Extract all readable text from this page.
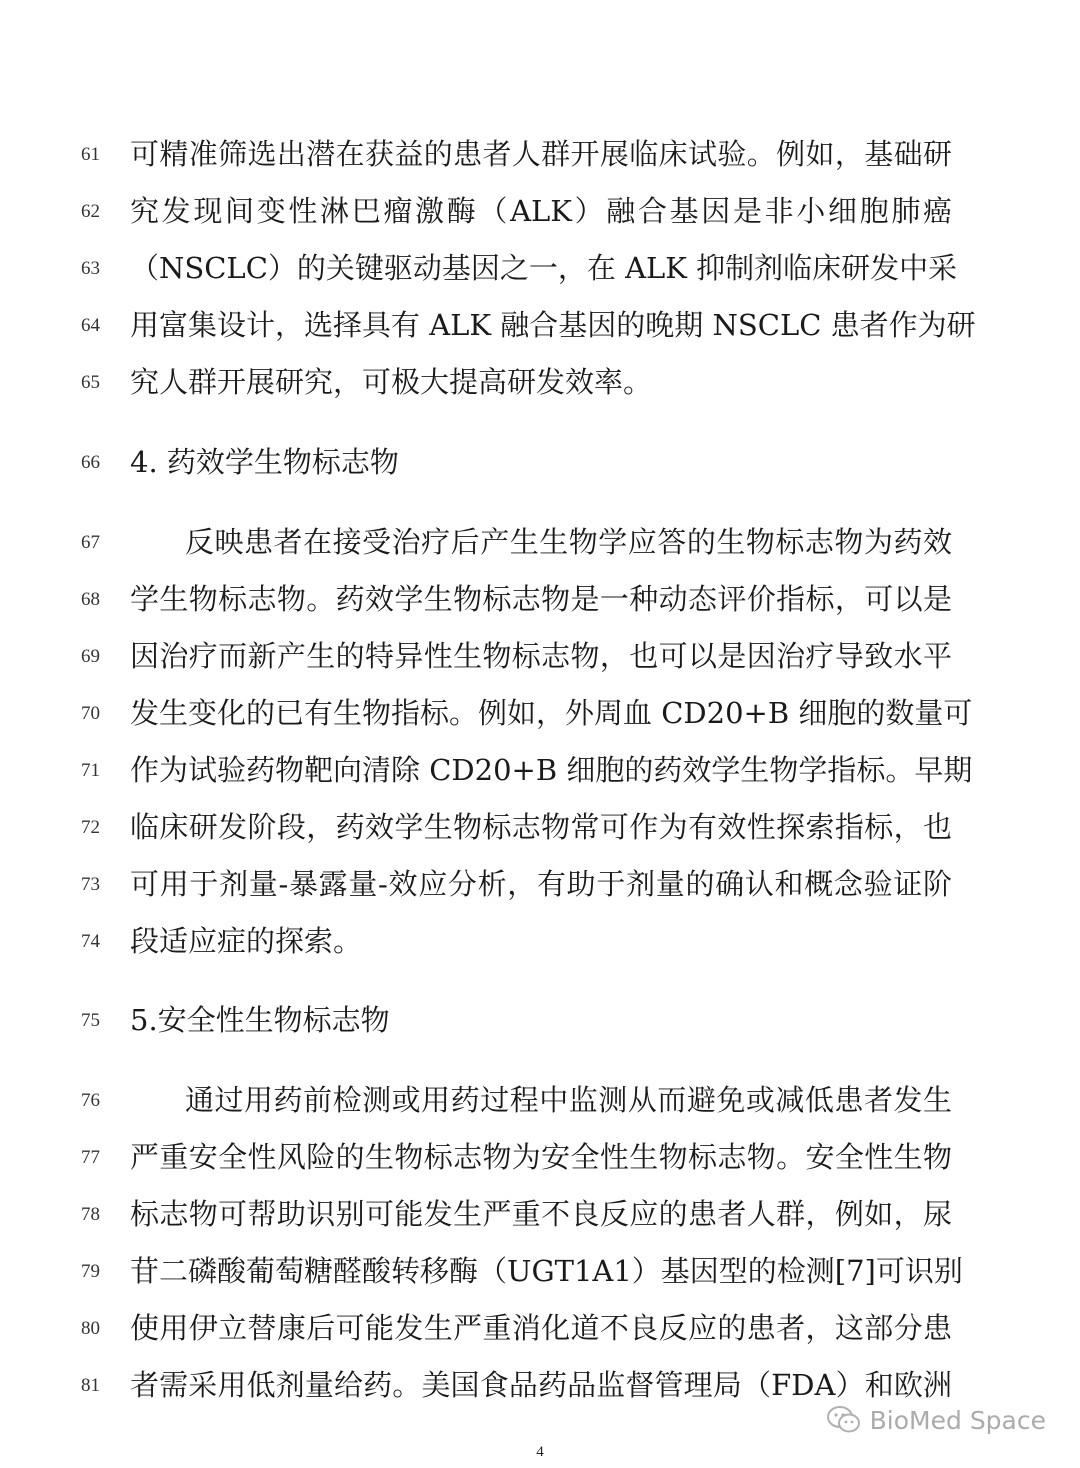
61 可精准筛选出潜在获益的患者人群开展临床试验。例如，基础研
62 究发现间变性淋巴瘤激酶（ALK）融合基因是非小细胞肺癌
63 （NSCLC）的关键驱动基因之一，在 ALK 抑制剂临床研发中采
64 用富集设计，选择具有 ALK 融合基因的晚期 NSCLC 患者作为研
65 究人群开展研究，可极大提高研发效率。
66 4. 药效学生物标志物
67	反映患者在接受治疗后产生生物学应答的生物标志物为药效
68 学生物标志物。药效学生物标志物是一种动态评价指标，可以是
69 因治疗而新产生的特异性生物标志物，也可以是因治疗导致水平
70 发生变化的已有生物指标。例如，外周血 CD20+B 细胞的数量可
71 作为试验药物靶向清除 CD20+B 细胞的药效学生物学指标。早期
72 临床研发阶段，药效学生物标志物常可作为有效性探索指标，也
73 可用于剂量-暴露量-效应分析，有助于剂量的确认和概念验证阶
74 段适应症的探索。
75 5.安全性生物标志物
76	通过用药前检测或用药过程中监测从而避免或减低患者发生
77 严重安全性风险的生物标志物为安全性生物标志物。安全性生物
78 标志物可帮助识别可能发生严重不良反应的患者人群，例如，尿
79 苷二磷酸葡萄糖醛酸转移酶（UGT1A1）基因型的检测[7]可识别
80 使用伊立替康后可能发生严重消化道不良反应的患者，这部分患
81 者需采用低剂量给药。美国食品药品监督管理局（FDA）和欧洲
BioMed Space
4
